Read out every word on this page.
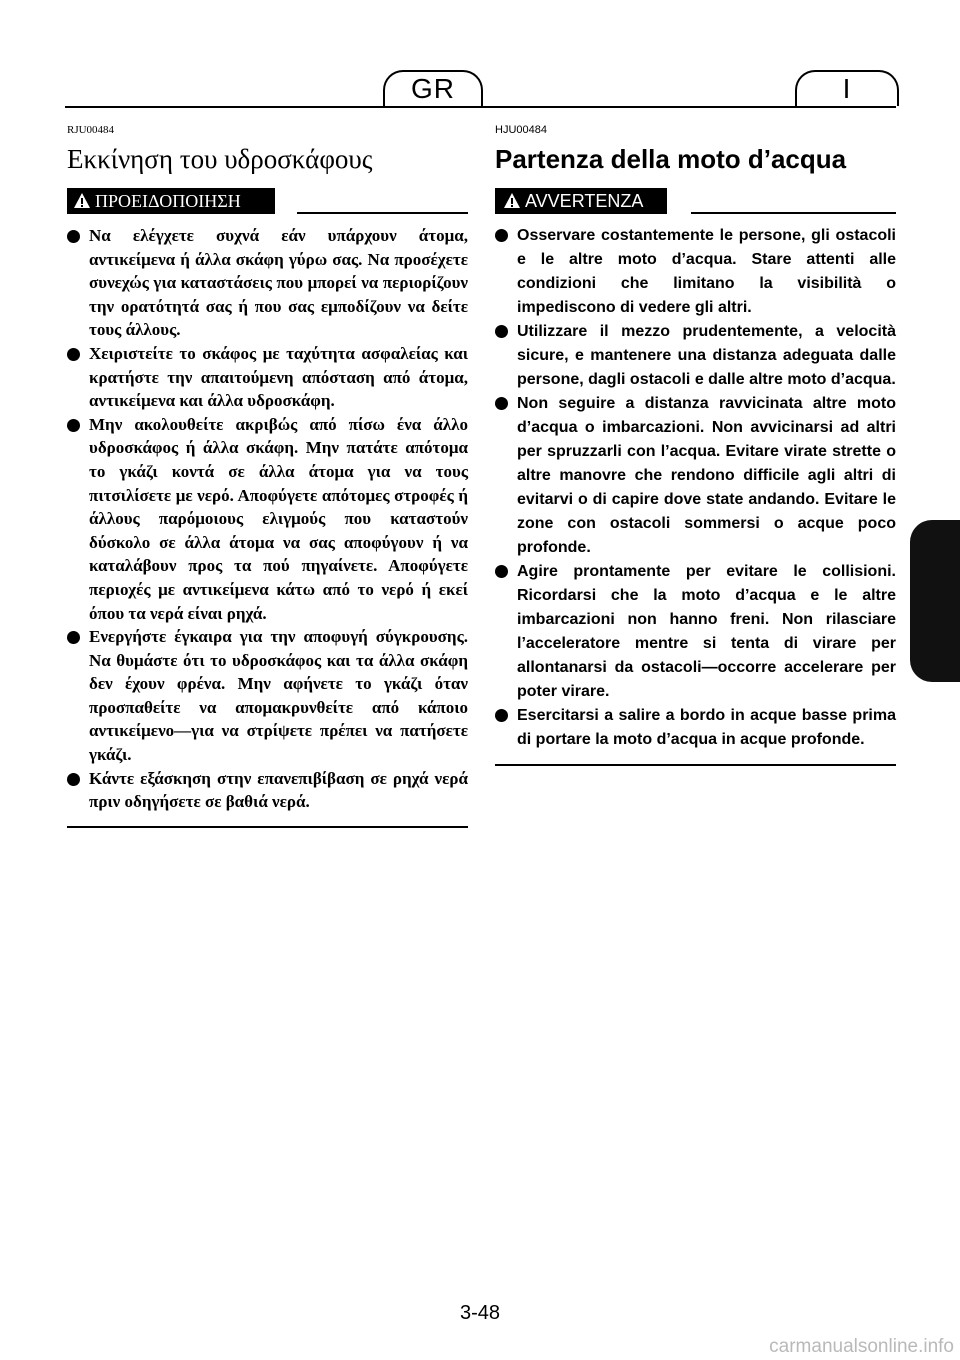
GR	I
RJU00484
Εκκίνηση του υδροσκάφους
ΠΡΟΕΙΔΟΠΟΙΗΣΗ
Να ελέγχετε συχνά εάν υπάρχουν άτομα, αντικείμενα ή άλλα σκάφη γύρω σας. Να προσέχετε συνεχώς για καταστάσεις που μπορεί να περιορίζουν την ορατότητά σας ή που σας εμποδίζουν να δείτε τους άλλους.
Χειριστείτε το σκάφος με ταχύτητα ασφαλείας και κρατήστε την απαιτούμενη απόσταση από άτομα, αντικείμενα και άλλα υδροσκάφη.
Μην ακολουθείτε ακριβώς από πίσω ένα άλλο υδροσκάφος ή άλλα σκάφη. Μην πατάτε απότομα το γκάζι κοντά σε άλλα άτομα για να τους πιτσιλίσετε με νερό. Αποφύγετε απότομες στροφές ή άλλους παρόμοιους ελιγμούς που καταστούν δύσκολο σε άλλα άτομα να σας αποφύγουν ή να καταλάβουν προς τα πού πηγαίνετε. Αποφύγετε περιοχές με αντικείμενα κάτω από το νερό ή εκεί όπου τα νερά είναι ρηχά.
Ενεργήστε έγκαιρα για την αποφυγή σύγκρουσης. Να θυμάστε ότι το υδροσκάφος και τα άλλα σκάφη δεν έχουν φρένα. Μην αφήνετε το γκάζι όταν προσπαθείτε να απομακρυνθείτε από κάποιο αντικείμενο—για να στρίψετε πρέπει να πατήσετε γκάζι.
Κάντε εξάσκηση στην επανεπιβίβαση σε ρηχά νερά πριν οδηγήσετε σε βαθιά νερά.
HJU00484
Partenza della moto d’acqua
AVVERTENZA
Osservare costantemente le persone, gli ostacoli e le altre moto d’acqua. Stare attenti alle condizioni che limitano la visibilità o impediscono di vedere gli altri.
Utilizzare il mezzo prudentemente, a velocità sicure, e mantenere una distanza adeguata dalle persone, dagli ostacoli e dalle altre moto d’acqua.
Non seguire a distanza ravvicinata altre moto d’acqua o imbarcazioni. Non avvicinarsi ad altri per spruzzarli con l’acqua. Evitare virate strette o altre manovre che rendono difficile agli altri di evitarvi o di capire dove state andando. Evitare le zone con ostacoli sommersi o acque poco profonde.
Agire prontamente per evitare le collisioni. Ricordarsi che la moto d’acqua e le altre imbarcazioni non hanno freni. Non rilasciare l’acceleratore mentre si tenta di virare per allontanarsi da ostacoli—occorre accelerare per poter virare.
Esercitarsi a salire a bordo in acque basse prima di portare la moto d’acqua in acque profonde.
3-48
carmanualsonline.info
